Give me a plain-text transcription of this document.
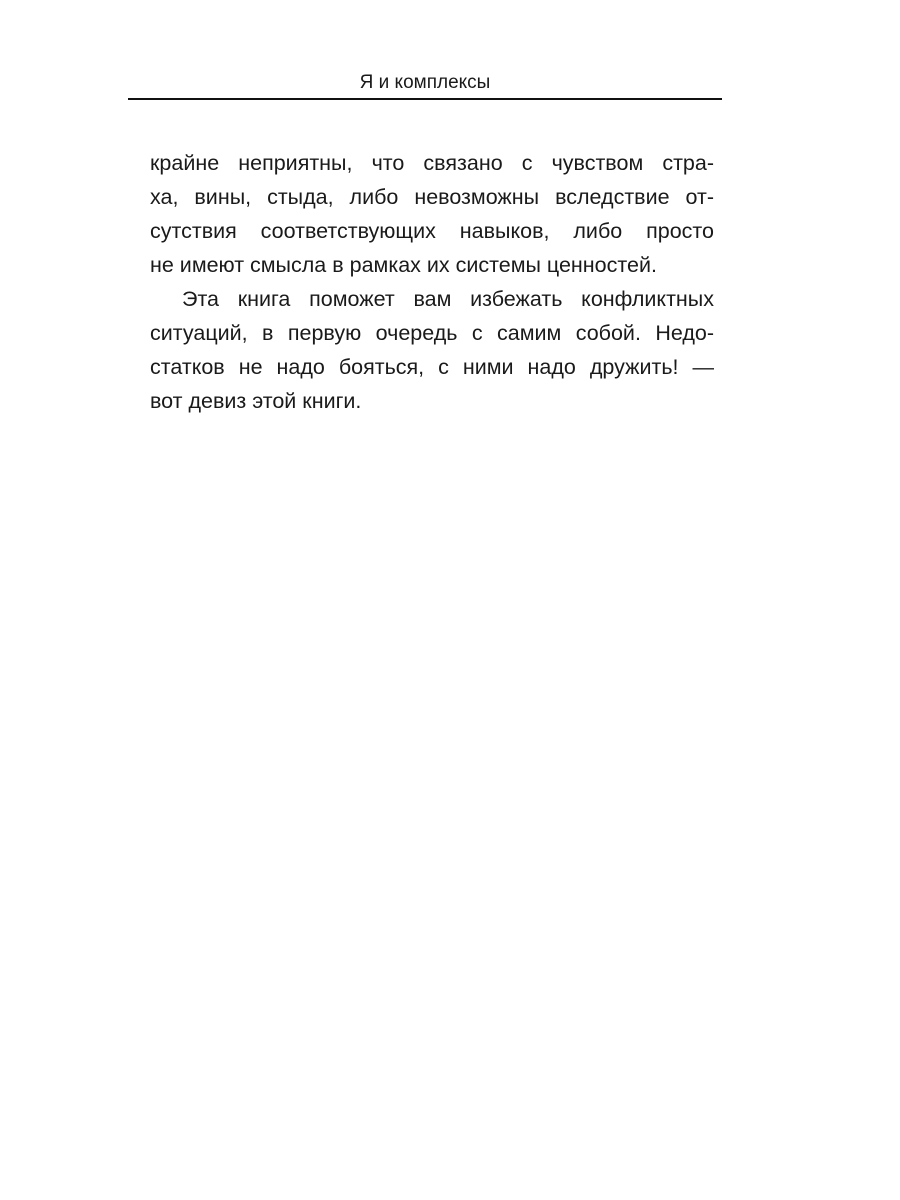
Я и комплексы
крайне неприятны, что связано с чувством стра-
ха, вины, стыда, либо невозможны вследствие от-
сутствия соответствующих навыков, либо просто
не имеют смысла в рамках их системы ценностей.
Эта книга поможет вам избежать конфликтных
ситуаций, в первую очередь с самим собой. Недо-
статков не надо бояться, с ними надо дружить! —
вот девиз этой книги.
